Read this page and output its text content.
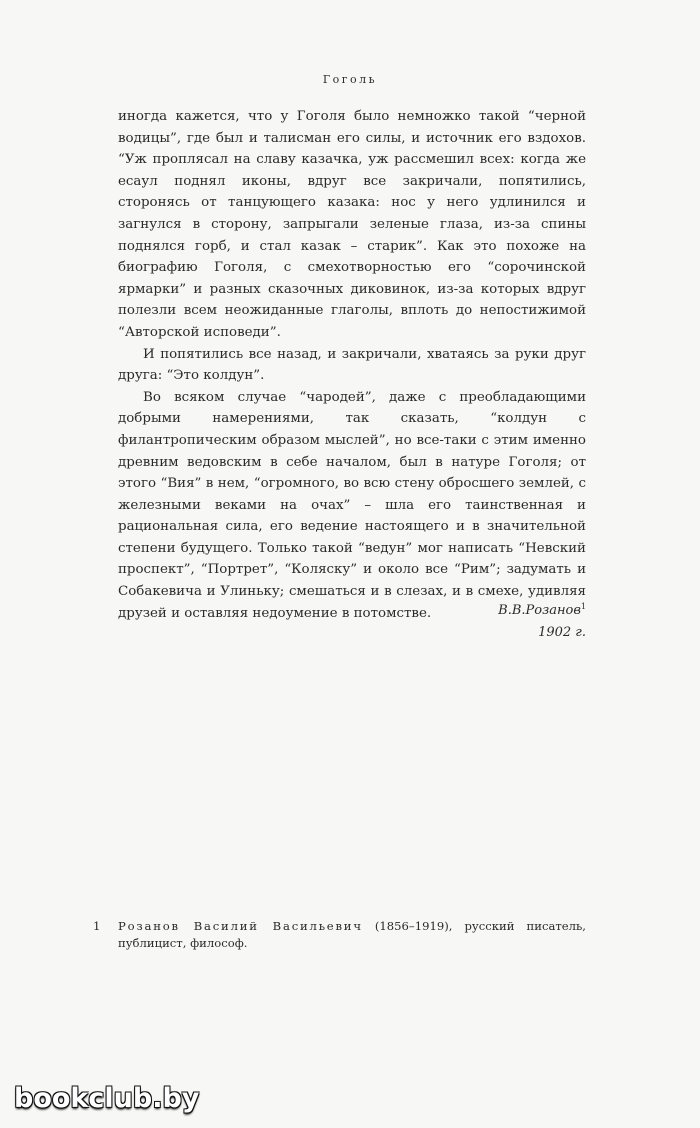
Гоголь

иногда кажется, что у Гоголя было немножко такой “черной водицы”, где был и талисман его силы, и источник его вздохов. “Уж проплясал на славу казачка, уж рассмешил всех: когда же есаул поднял иконы, вдруг все закричали, попятились, сторонясь от танцующего казака: нос у него удлинился и загнулся в сторону, запрыгали зеленые глаза, из-за спины поднялся горб, и стал казак – старик”. Как это похоже на биографию Гоголя, с смехотворностью его “сорочинской ярмарки” и разных сказочных диковинок, из-за которых вдруг полезли всем неожиданные глаголы, вплоть до непостижимой “Авторской исповеди”.

И попятились все назад, и закричали, хватаясь за руки друг друга: “Это колдун”.

Во всяком случае “чародей”, даже с преобладающими добрыми намерениями, так сказать, “колдун с филантропическим образом мыслей”, но все-таки с этим именно древним ведовским в себе началом, был в натуре Гоголя; от этого “Вия” в нем, “огромного, во всю стену обросшего землей, с железными веками на очах” – шла его таинственная и рациональная сила, его ведение настоящего и в значительной степени будущего. Только такой “ведун” мог написать “Невский проспект”, “Портрет”, “Коляску” и около все “Рим”; задумать и Собакевича и Улиньку; смешаться и в слезах, и в смехе, удивляя друзей и оставляя недоумение в потомстве.	В.В.Розанов$^1$
1902 г.
1 Розанов Василий Васильевич (1856–1919), русский писатель, публицист, философ.
bookclub.by
